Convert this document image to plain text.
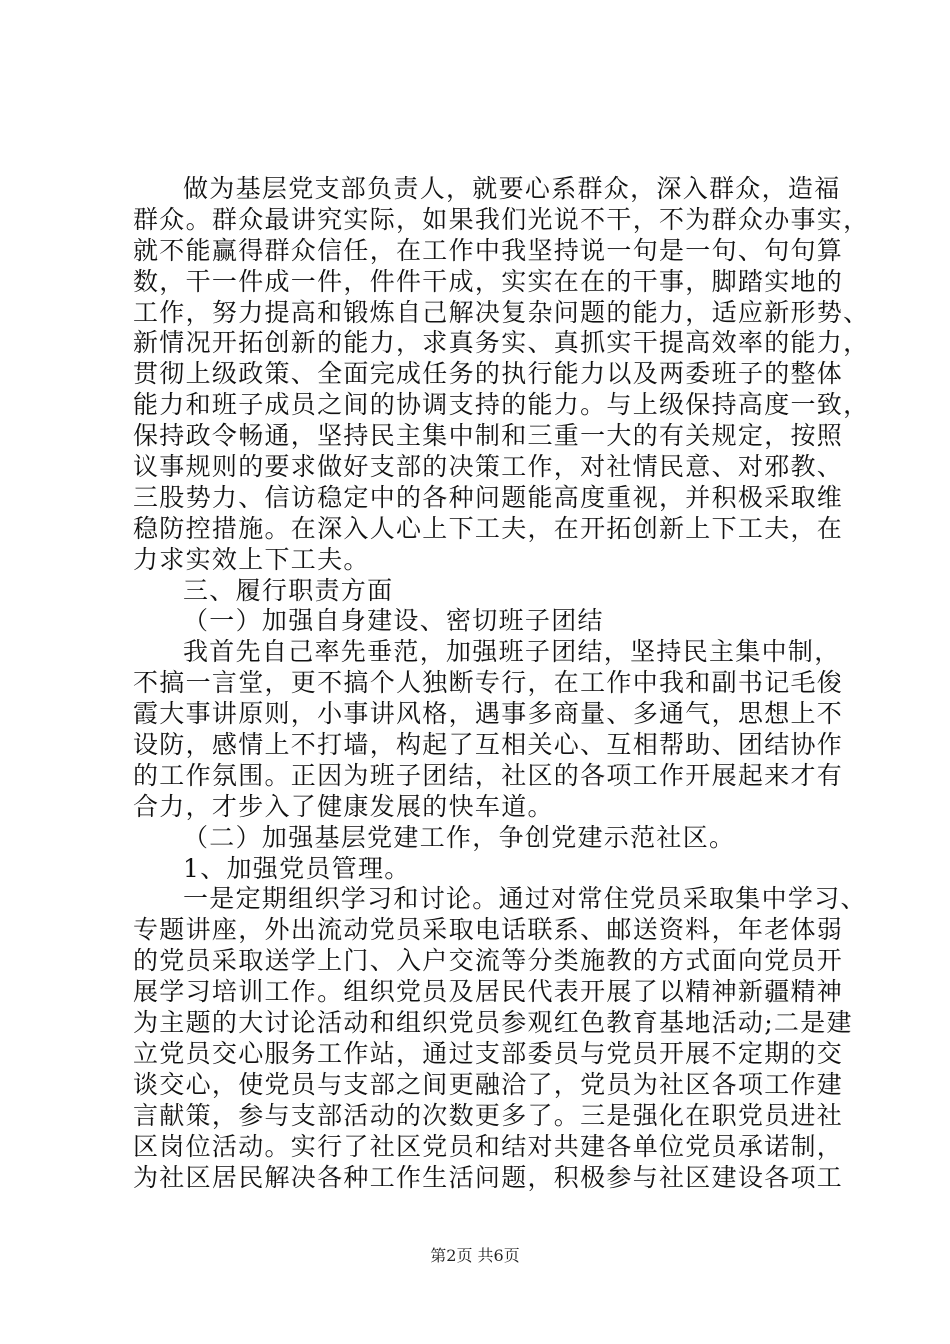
做为基层党支部负责人，就要心系群众，深入群众，造福
群众。群众最讲究实际，如果我们光说不干，不为群众办事实，
就不能赢得群众信任，在工作中我坚持说一句是一句、句句算
数，干一件成一件，件件干成，实实在在的干事，脚踏实地的
工作，努力提高和锻炼自己解决复杂问题的能力，适应新形势、
新情况开拓创新的能力，求真务实、真抓实干提高效率的能力，
贯彻上级政策、全面完成任务的执行能力以及两委班子的整体
能力和班子成员之间的协调支持的能力。与上级保持高度一致，
保持政令畅通，坚持民主集中制和三重一大的有关规定，按照
议事规则的要求做好支部的决策工作，对社情民意、对邪教、
三股势力、信访稳定中的各种问题能高度重视，并积极采取维
稳防控措施。在深入人心上下工夫，在开拓创新上下工夫，在
力求实效上下工夫。
三、履行职责方面
（一）加强自身建设、密切班子团结
我首先自己率先垂范，加强班子团结，坚持民主集中制，
不搞一言堂，更不搞个人独断专行，在工作中我和副书记毛俊
霞大事讲原则，小事讲风格，遇事多商量、多通气，思想上不
设防，感情上不打墙，构起了互相关心、互相帮助、团结协作
的工作氛围。正因为班子团结，社区的各项工作开展起来才有
合力，才步入了健康发展的快车道。
（二）加强基层党建工作，争创党建示范社区。
1、加强党员管理。
一是定期组织学习和讨论。通过对常住党员采取集中学习、
专题讲座，外出流动党员采取电话联系、邮送资料，年老体弱
的党员采取送学上门、入户交流等分类施教的方式面向党员开
展学习培训工作。组织党员及居民代表开展了以精神新疆精神
为主题的大讨论活动和组织党员参观红色教育基地活动;二是建
立党员交心服务工作站，通过支部委员与党员开展不定期的交
谈交心，使党员与支部之间更融洽了，党员为社区各项工作建
言献策，参与支部活动的次数更多了。三是强化在职党员进社
区岗位活动。实行了社区党员和结对共建各单位党员承诺制，
为社区居民解决各种工作生活问题，积极参与社区建设各项工
第2页 共6页
